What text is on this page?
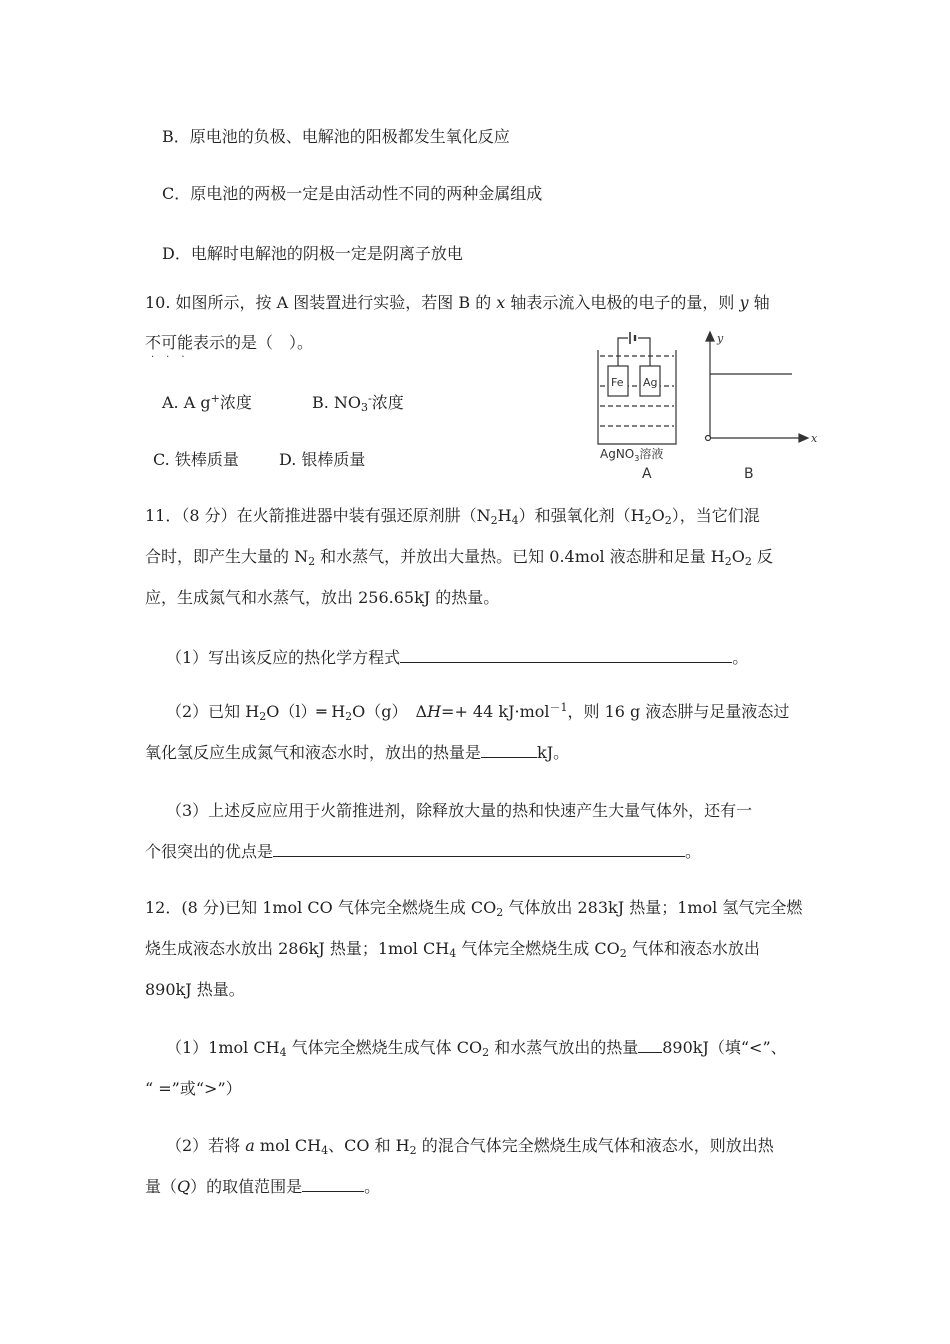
B．原电池的负极、电解池的阳极都发生氧化反应
C．原电池的两极一定是由活动性不同的两种金属组成
D．电解时电解池的阴极一定是阴离子放电
10. 如图所示，按 A 图装置进行实验，若图 B 的 x 轴表示流入电极的电子的量，则 y 轴
不可能表示的是（　）。
···
A. A g+浓度	B. $NO_3^-$浓度
C. 铁棒质量	D. 银棒质量
Fe Ag
AgNO$_3$溶液
A
y
x
B
11．（8 分）在火箭推进器中装有强还原剂肼$(N_2H_4)$和强氧化剂$(H_2O_2)$，当它们混
合时，即产生大量的 $N_2$ 和水蒸气，并放出大量热。已知 0.4mol 液态肼和足量 $H_2O_2$ 反
应，生成氮气和水蒸气，放出 256.65kJ 的热量。
（1）写出该反应的热化学方程式	。
（2）已知 $H_2O(l)═$ $H_2O(g)$　ΔH=+ 44 kJ·mol$^{-1}$，则 16 g 液态肼与足量液态过
氧化氢反应生成氮气和液态水时，放出的热量是	kJ。
（3）上述反应应用于火箭推进剂，除释放大量的热和快速产生大量气体外，还有一
个很突出的优点是	。
12．(8 分)已知 1mol CO 气体完全燃烧生成 $CO_2$ 气体放出 283kJ 热量；1mol 氢气完全燃
烧生成液态水放出 286kJ 热量；1mol $CH_4$ 气体完全燃烧生成 $CO_2$ 气体和液态水放出
890kJ 热量。
（1）1mol $CH_4$ 气体完全燃烧生成气体 $CO_2$ 和水蒸气放出的热量 890kJ（填“<”、
“ =”或“>”）
（2）若将 a mol $CH_4$、CO 和 $H_2$ 的混合气体完全燃烧生成气体和液态水，则放出热
量（Q）的取值范围是	。
